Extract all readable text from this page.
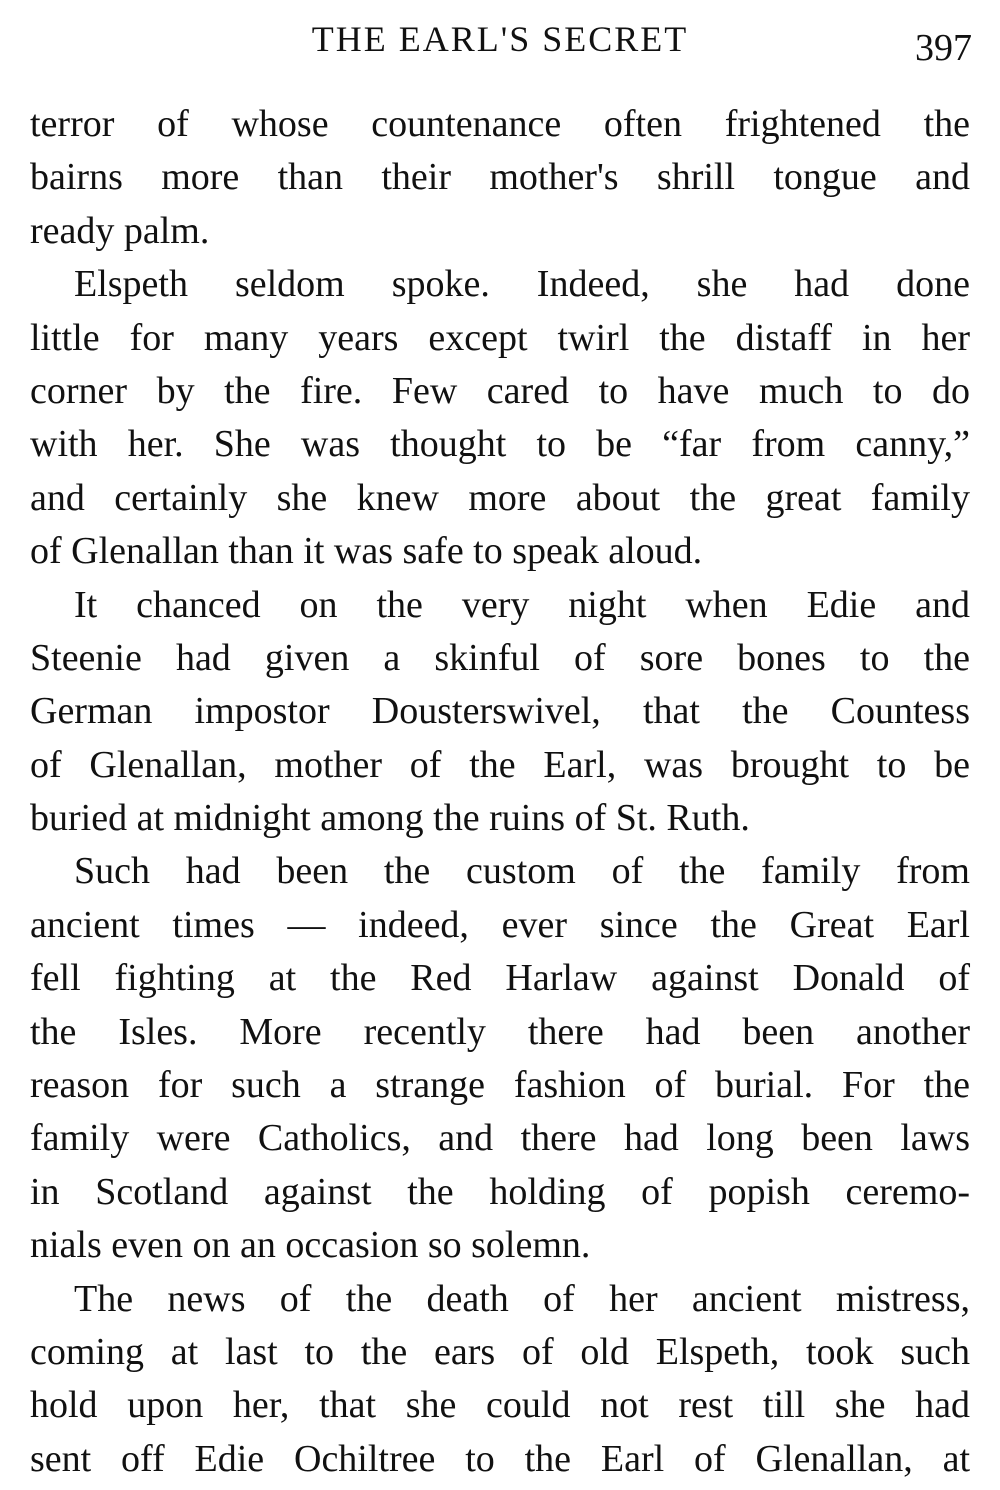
THE EARL'S SECRET	397
terror of whose countenance often frightened the
bairns more than their mother's shrill tongue and
ready palm.
Elspeth seldom spoke. Indeed, she had done
little for many years except twirl the distaff in her
corner by the fire. Few cared to have much to do
with her. She was thought to be “far from canny,”
and certainly she knew more about the great family
of Glenallan than it was safe to speak aloud.
It chanced on the very night when Edie and
Steenie had given a skinful of sore bones to the
German impostor Dousterswivel, that the Countess
of Glenallan, mother of the Earl, was brought to be
buried at midnight among the ruins of St. Ruth.
Such had been the custom of the family from
ancient times — indeed, ever since the Great Earl
fell fighting at the Red Harlaw against Donald of
the Isles. More recently there had been another
reason for such a strange fashion of burial. For the
family were Catholics, and there had long been laws
in Scotland against the holding of popish ceremo-
nials even on an occasion so solemn.
The news of the death of her ancient mistress,
coming at last to the ears of old Elspeth, took such
hold upon her, that she could not rest till she had
sent off Edie Ochiltree to the Earl of Glenallan, at
